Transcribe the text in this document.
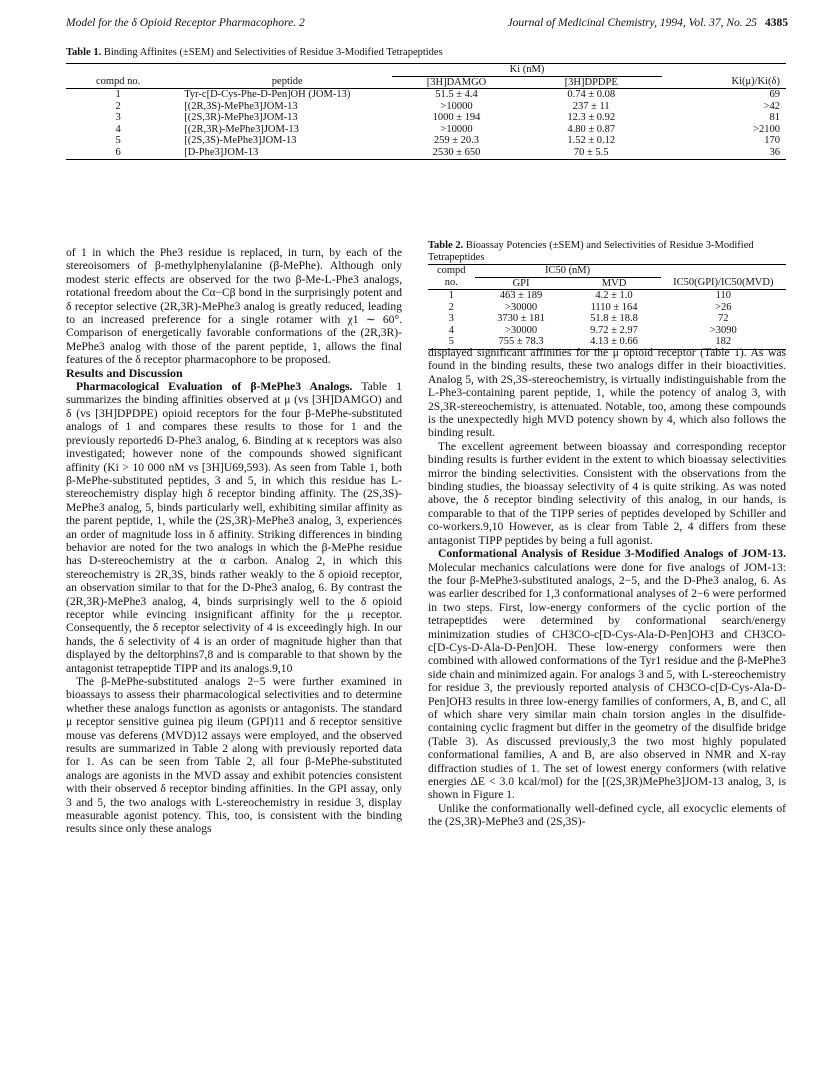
Model for the δ Opioid Receptor Pharmacophore. 2	Journal of Medicinal Chemistry, 1994, Vol. 37, No. 25 4385
Table 1. Binding Affinites (±SEM) and Selectivities of Residue 3-Modified Tetrapeptides
		Ki (nM)		
compd no.	peptide	[3H]DAMGO	[3H]DPDPE	Ki(μ)/Ki(δ)
1	Tyr-c[D-Cys-Phe-D-Pen]OH (JOM-13)	51.5 ± 4.4	0.74 ± 0.08	69
2	[(2R,3S)-MePhe3]JOM-13	>10000	237 ± 11	>42
3	[(2S,3R)-MePhe3]JOM-13	1000 ± 194	12.3 ± 0.92	81
4	[(2R,3R)-MePhe3]JOM-13	>10000	4.80 ± 0.87	>2100
5	[(2S,3S)-MePhe3]JOM-13	259 ± 20.3	1.52 ± 0.12	170
6	[D-Phe3]JOM-13	2530 ± 650	70 ± 5.5	36

of 1 in which the Phe3 residue is replaced, in turn, by each of the stereoisomers of β-methylphenylalanine (β-MePhe). Although only modest steric effects are observed for the two β-Me-L-Phe3 analogs, rotational freedom about the Cα−Cβ bond in the surprisingly potent and δ receptor selective (2R,3R)-MePhe3 analog is greatly reduced, leading to an increased preference for a single rotamer with χ1 ∼ 60°. Comparison of energetically favorable conformations of the (2R,3R)-MePhe3 analog with those of the parent peptide, 1, allows the final features of the δ receptor pharmacophore to be proposed.

Results and Discussion

Pharmacological Evaluation of β-MePhe3 Analogs. Table 1 summarizes the binding affinities observed at μ (vs [3H]DAMGO) and δ (vs [3H]DPDPE) opioid receptors for the four β-MePhe-substituted analogs of 1 and compares these results to those for 1 and the previously reported6 D-Phe3 analog, 6. Binding at κ receptors was also investigated; however none of the compounds showed significant affinity (Ki > 10 000 nM vs [3H]U69,593). As seen from Table 1, both β-MePhe-substituted peptides, 3 and 5, in which this residue has L-stereochemistry display high δ receptor binding affinity. The (2S,3S)-MePhe3 analog, 5, binds particularly well, exhibiting similar affinity as the parent peptide, 1, while the (2S,3R)-MePhe3 analog, 3, experiences an order of magnitude loss in δ affinity. Striking differences in binding behavior are noted for the two analogs in which the β-MePhe residue has D-stereochemistry at the α carbon. Analog 2, in which this stereochemistry is 2R,3S, binds rather weakly to the δ opioid receptor, an observation similar to that for the D-Phe3 analog, 6. By contrast the (2R,3R)-MePhe3 analog, 4, binds surprisingly well to the δ opioid receptor while evincing insignificant affinity for the μ receptor. Consequently, the δ receptor selectivity of 4 is exceedingly high. In our hands, the δ selectivity of 4 is an order of magnitude higher than that displayed by the deltorphins7,8 and is comparable to that shown by the antagonist tetrapeptide TIPP and its analogs.9,10

The β-MePhe-substituted analogs 2−5 were further examined in bioassays to assess their pharmacological selectivities and to determine whether these analogs function as agonists or antagonists. The standard μ receptor sensitive guinea pig ileum (GPI)11 and δ receptor sensitive mouse vas deferens (MVD)12 assays were employed, and the observed results are summarized in Table 2 along with previously reported data for 1. As can be seen from Table 2, all four β-MePhe-substituted analogs are agonists in the MVD assay and exhibit potencies consistent with their observed δ receptor binding affinities. In the GPI assay, only 3 and 5, the two analogs with L-stereochemistry in residue 3, display measurable agonist potency. This, too, is consistent with the binding results since only these analogs

Table 2. Bioassay Potencies (±SEM) and Selectivities of Residue 3-Modified Tetrapeptides
compd	IC50 (nM)		
no.	GPI	MVD	IC50(GPI)/IC50(MVD)
1	463 ± 189	4.2 ± 1.0	110
2	>30000	1110 ± 164	>26
3	3730 ± 181	51.8 ± 18.8	72
4	>30000	9.72 ± 2.97	>3090
5	755 ± 78.3	4.13 ± 0.66	182

displayed significant affinities for the μ opioid receptor (Table 1). As was found in the binding results, these two analogs differ in their bioactivities. Analog 5, with 2S,3S-stereochemistry, is virtually indistinguishable from the L-Phe3-containing parent peptide, 1, while the potency of analog 3, with 2S,3R-stereochemistry, is attenuated. Notable, too, among these compounds is the unexpectedly high MVD potency shown by 4, which also follows the binding result.

The excellent agreement between bioassay and corresponding receptor binding results is further evident in the extent to which bioassay selectivities mirror the binding selectivities. Consistent with the observations from the binding studies, the bioassay selectivity of 4 is quite striking. As was noted above, the δ receptor binding selectivity of this analog, in our hands, is comparable to that of the TIPP series of peptides developed by Schiller and co-workers.9,10 However, as is clear from Table 2, 4 differs from these antagonist TIPP peptides by being a full agonist.

Conformational Analysis of Residue 3-Modified Analogs of JOM-13. Molecular mechanics calculations were done for five analogs of JOM-13: the four β-MePhe3-substituted analogs, 2−5, and the D-Phe3 analog, 6. As was earlier described for 1,3 conformational analyses of 2−6 were performed in two steps. First, low-energy conformers of the cyclic portion of the tetrapeptides were determined by conformational search/energy minimization studies of CH3CO-c[D-Cys-Ala-D-Pen]OH3 and CH3CO-c[D-Cys-D-Ala-D-Pen]OH. These low-energy conformers were then combined with allowed conformations of the Tyr1 residue and the β-MePhe3 side chain and minimized again. For analogs 3 and 5, with L-stereochemistry for residue 3, the previously reported analysis of CH3CO-c[D-Cys-Ala-D-Pen]OH3 results in three low-energy families of conformers, A, B, and C, all of which share very similar main chain torsion angles in the disulfide-containing cyclic fragment but differ in the geometry of the disulfide bridge (Table 3). As discussed previously,3 the two most highly populated conformational families, A and B, are also observed in NMR and X-ray diffraction studies of 1. The set of lowest energy conformers (with relative energies ΔE < 3.0 kcal/mol) for the [(2S,3R)MePhe3]JOM-13 analog, 3, is shown in Figure 1.

Unlike the conformationally well-defined cycle, all exocyclic elements of the (2S,3R)-MePhe3 and (2S,3S)-
